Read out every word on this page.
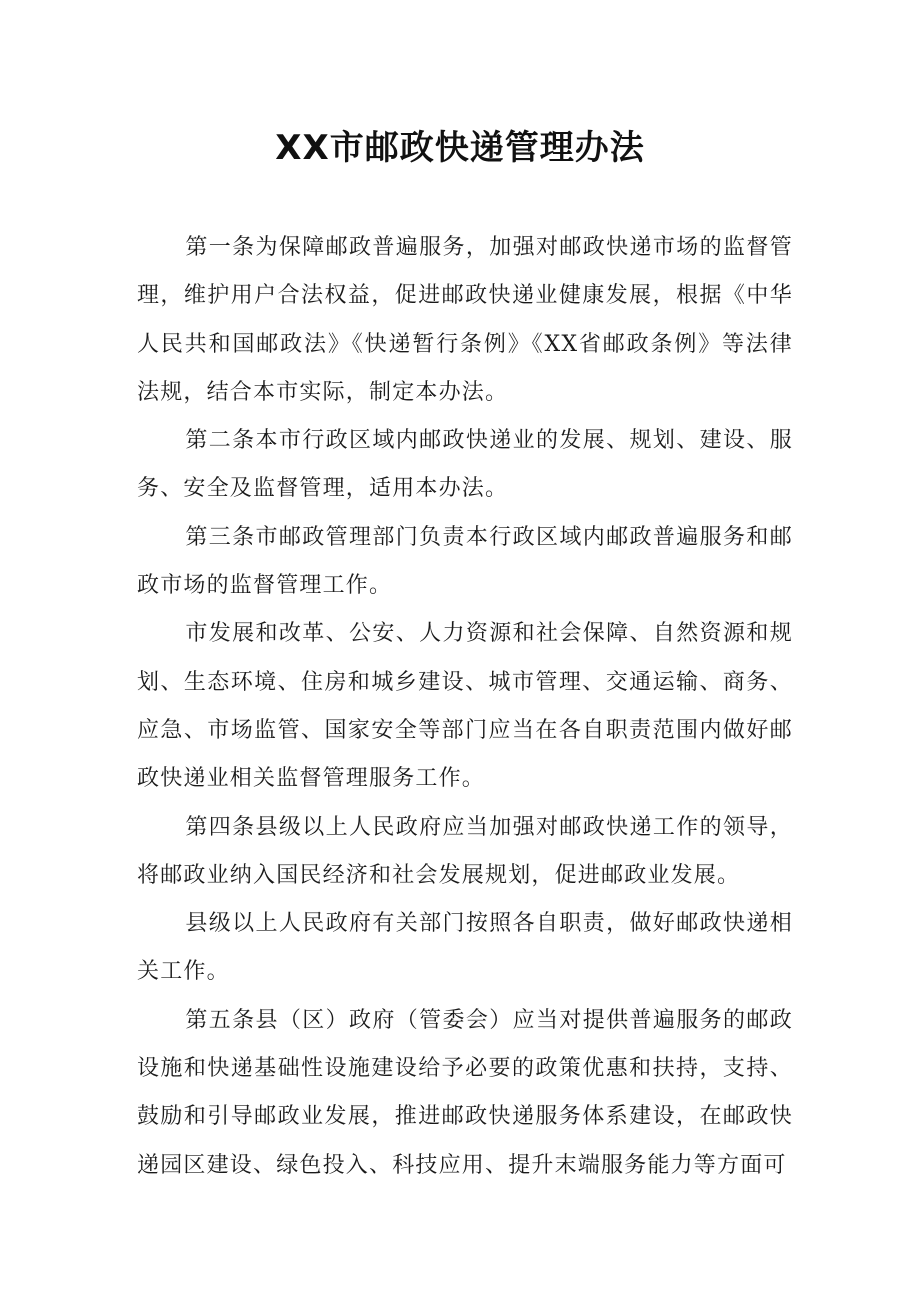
XX市邮政快递管理办法

第一条为保障邮政普遍服务，加强对邮政快递市场的监督管理，维护用户合法权益，促进邮政快递业健康发展，根据《中华人民共和国邮政法》《快递暂行条例》《XX省邮政条例》等法律法规，结合本市实际，制定本办法。

第二条本市行政区域内邮政快递业的发展、规划、建设、服务、安全及监督管理，适用本办法。

第三条市邮政管理部门负责本行政区域内邮政普遍服务和邮政市场的监督管理工作。

市发展和改革、公安、人力资源和社会保障、自然资源和规划、生态环境、住房和城乡建设、城市管理、交通运输、商务、应急、市场监管、国家安全等部门应当在各自职责范围内做好邮政快递业相关监督管理服务工作。

第四条县级以上人民政府应当加强对邮政快递工作的领导，将邮政业纳入国民经济和社会发展规划，促进邮政业发展。

县级以上人民政府有关部门按照各自职责，做好邮政快递相关工作。

第五条县（区）政府（管委会）应当对提供普遍服务的邮政设施和快递基础性设施建设给予必要的政策优惠和扶持，支持、鼓励和引导邮政业发展，推进邮政快递服务体系建设，在邮政快递园区建设、绿色投入、科技应用、提升末端服务能力等方面可
